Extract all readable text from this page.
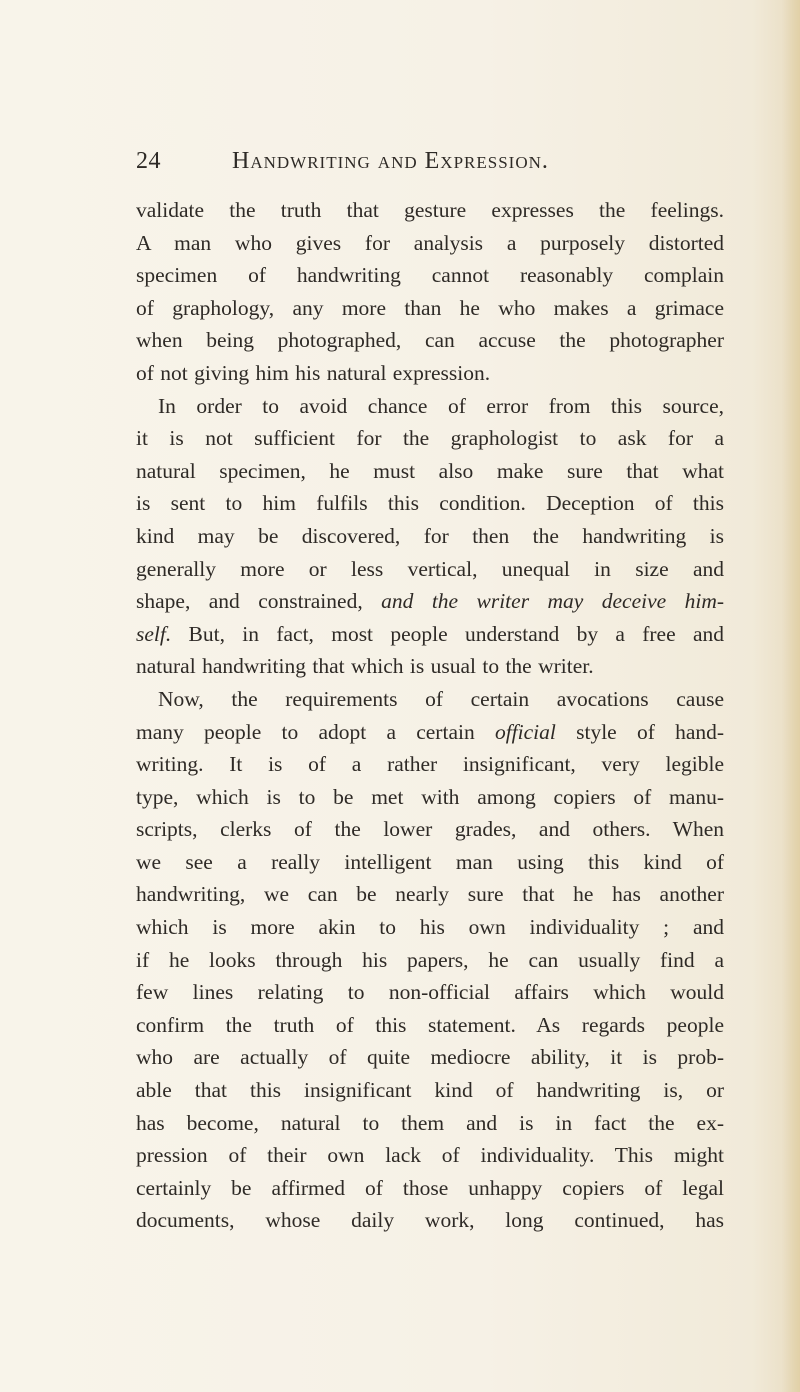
24	Handwriting and Expression.
validate the truth that gesture expresses the feelings.
A man who gives for analysis a purposely distorted
specimen of handwriting cannot reasonably complain
of graphology, any more than he who makes a grimace
when being photographed, can accuse the photographer
of not giving him his natural expression.
In order to avoid chance of error from this source,
it is not sufficient for the graphologist to ask for a
natural specimen, he must also make sure that what
is sent to him fulfils this condition. Deception of this
kind may be discovered, for then the handwriting is
generally more or less vertical, unequal in size and
shape, and constrained, and the writer may deceive him-
self. But, in fact, most people understand by a free and
natural handwriting that which is usual to the writer.
Now, the requirements of certain avocations cause
many people to adopt a certain official style of hand-
writing. It is of a rather insignificant, very legible
type, which is to be met with among copiers of manu-
scripts, clerks of the lower grades, and others. When
we see a really intelligent man using this kind of
handwriting, we can be nearly sure that he has another
which is more akin to his own individuality ; and
if he looks through his papers, he can usually find a
few lines relating to non-official affairs which would
confirm the truth of this statement. As regards people
who are actually of quite mediocre ability, it is prob-
able that this insignificant kind of handwriting is, or
has become, natural to them and is in fact the ex-
pression of their own lack of individuality. This might
certainly be affirmed of those unhappy copiers of legal
documents, whose daily work, long continued, has
